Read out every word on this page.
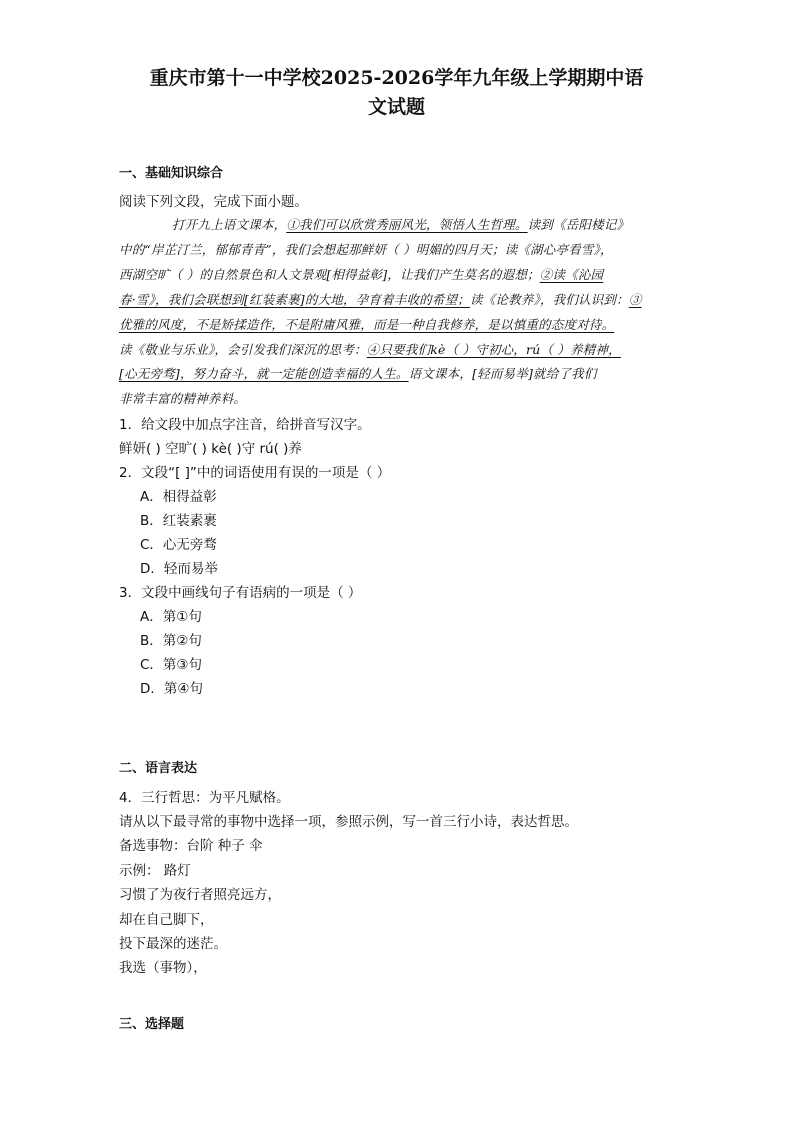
重庆市第十一中学校2025-2026学年九年级上学期期中语
文试题
一、基础知识综合
阅读下列文段，完成下面小题。
打开九上语文课本，①我们可以欣赏秀丽风光，领悟人生哲理。读到《岳阳楼记》
中的“岸芷汀兰，郁郁青青”，我们会想起那鲜妍（ ）明媚的四月天；读《湖心亭看雪》，
西湖空旷（ ）的自然景色和人文景观[相得益彰]，让我们产生莫名的遐想；②读《沁园
春·雪》，我们会联想到[红装素裹]的大地，孕育着丰收的希望；读《论教养》，我们认识到：③
优雅的风度，不是矫揉造作，不是附庸风雅，而是一种自我修养，是以慎重的态度对待。
读《敬业与乐业》，会引发我们深沉的思考：④只要我们kè（ ）守初心，rú（ ）养精神，
[心无旁骛]，努力奋斗，就一定能创造幸福的人生。语文课本，[轻而易举]就给了我们
非常丰富的精神养料。
1．给文段中加点字注音，给拼音写汉字。
鲜妍( ) 空旷( ) kè( )守 rú( )养
2．文段“[ ]”中的词语使用有误的一项是（ ）
A．相得益彰
B．红装素裹
C．心无旁骛
D．轻而易举
3．文段中画线句子有语病的一项是（ ）
A．第①句
B．第②句
C．第③句
D．第④句
二、语言表达
4．三行哲思：为平凡赋格。
请从以下最寻常的事物中选择一项，参照示例，写一首三行小诗，表达哲思。
备选事物：台阶 种子 伞
示例： 路灯
习惯了为夜行者照亮远方，
却在自己脚下，
投下最深的迷茫。
我选（事物），
三、选择题
